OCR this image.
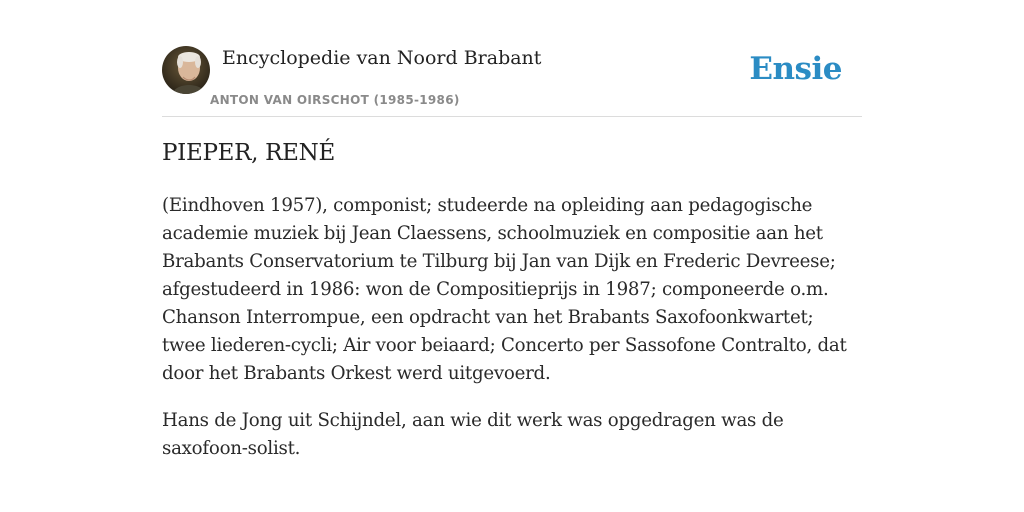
Encyclopedie van Noord Brabant
ANTON VAN OIRSCHOT (1985-1986)
Ensie
PIEPER, RENÉ

(Eindhoven 1957), componist; studeerde na opleiding aan pedagogische academie muziek bij Jean Claessens, schoolmuziek en compositie aan het Brabants Conservatorium te Tilburg bij Jan van Dijk en Frederic Devreese; afgestudeerd in 1986: won de Compositieprijs in 1987; componeerde o.m. Chanson Interrompue, een opdracht van het Brabants Saxofoonkwartet; twee liederen-cycli; Air voor beiaard; Concerto per Sassofone Contralto, dat door het Brabants Orkest werd uitgevoerd.

Hans de Jong uit Schijndel, aan wie dit werk was opgedragen was de saxofoon-solist.
